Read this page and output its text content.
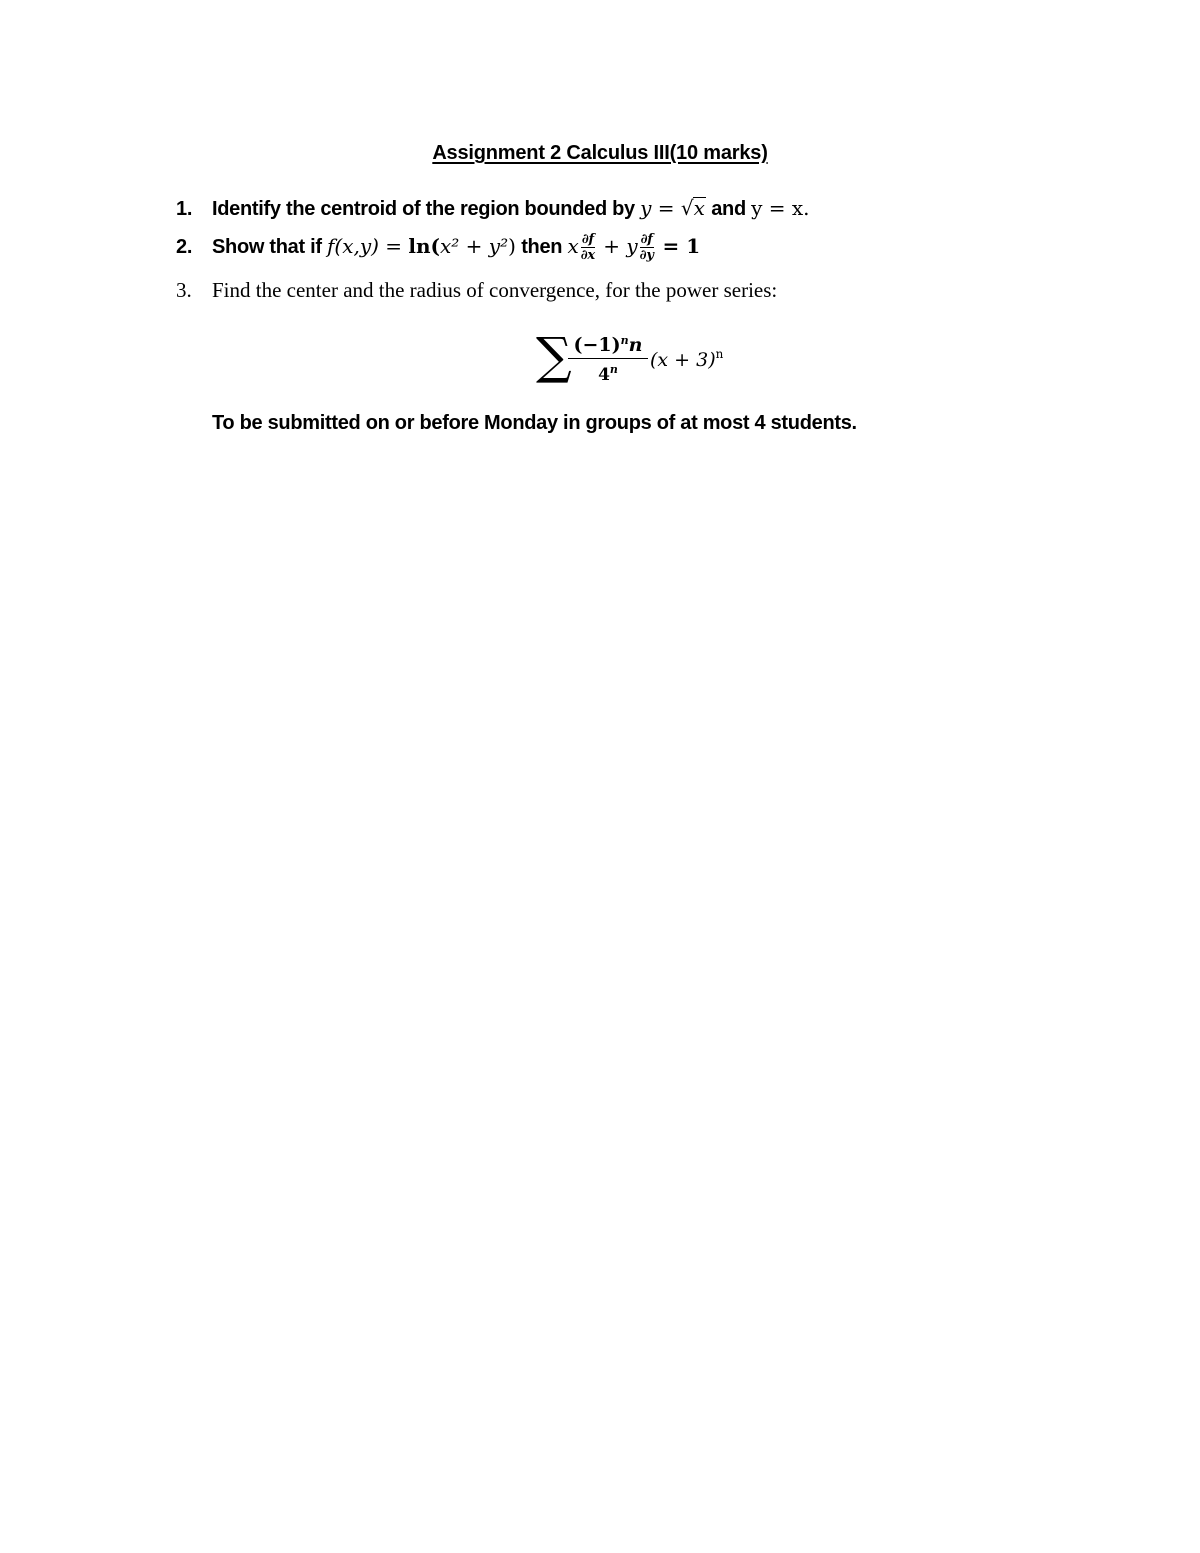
Assignment 2 Calculus III(10 marks)
1. Identify the centroid of the region bounded by y = √x and y = x.
2. Show that if f(x,y) = ln(x² + y²) then x $\frac{\partial f}{\partial x} + y \frac{\partial f}{\partial y} = 1$
3. Find the center and the radius of convergence, for the power series:
∑
$\frac{(-1)^nn}{4^n} (x + 3)^n$
To be submitted on or before Monday in groups of at most 4 students.
